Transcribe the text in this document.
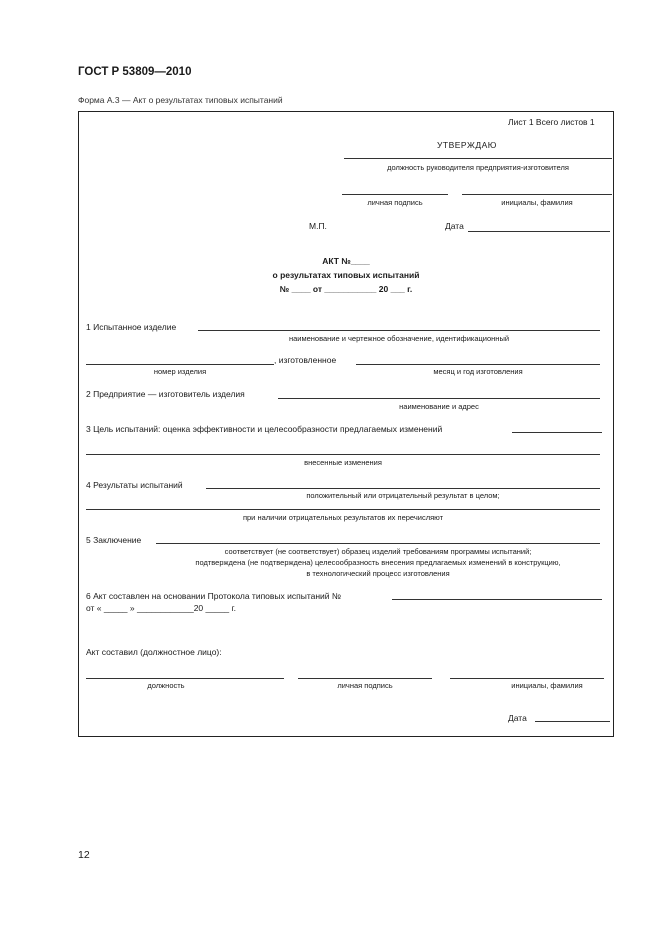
ГОСТ Р 53809—2010
Форма А.3 — Акт о результатах типовых испытаний
Лист 1 Всего листов 1
УТВЕРЖДАЮ
должность руководителя предприятия-изготовителя
личная подпись	инициалы, фамилия
М.П.	Дата
АКТ №____
о результатах типовых испытаний
№ ____ от ___________ 20 ___ г.
1 Испытанное изделие
наименование и чертежное обозначение, идентификационный
, изготовленное
номер изделия	месяц и год изготовления
2 Предприятие — изготовитель изделия
наименование и адрес
3 Цель испытаний: оценка эффективности и целесообразности предлагаемых изменений
внесенные изменения
4 Результаты испытаний
положительный или отрицательный результат в целом;
при наличии отрицательных результатов их перечисляют
5 Заключение
соответствует (не соответствует) образец изделий требованиям программы испытаний;
подтверждена (не подтверждена) целесообразность внесения предлагаемых изменений в конструкцию,
в технологический процесс изготовления
6 Акт составлен на основании Протокола типовых испытаний №
от « _____ » ____________20 _____ г.
Акт составил (должностное лицо):
должность	личная подпись	инициалы, фамилия
Дата
12
